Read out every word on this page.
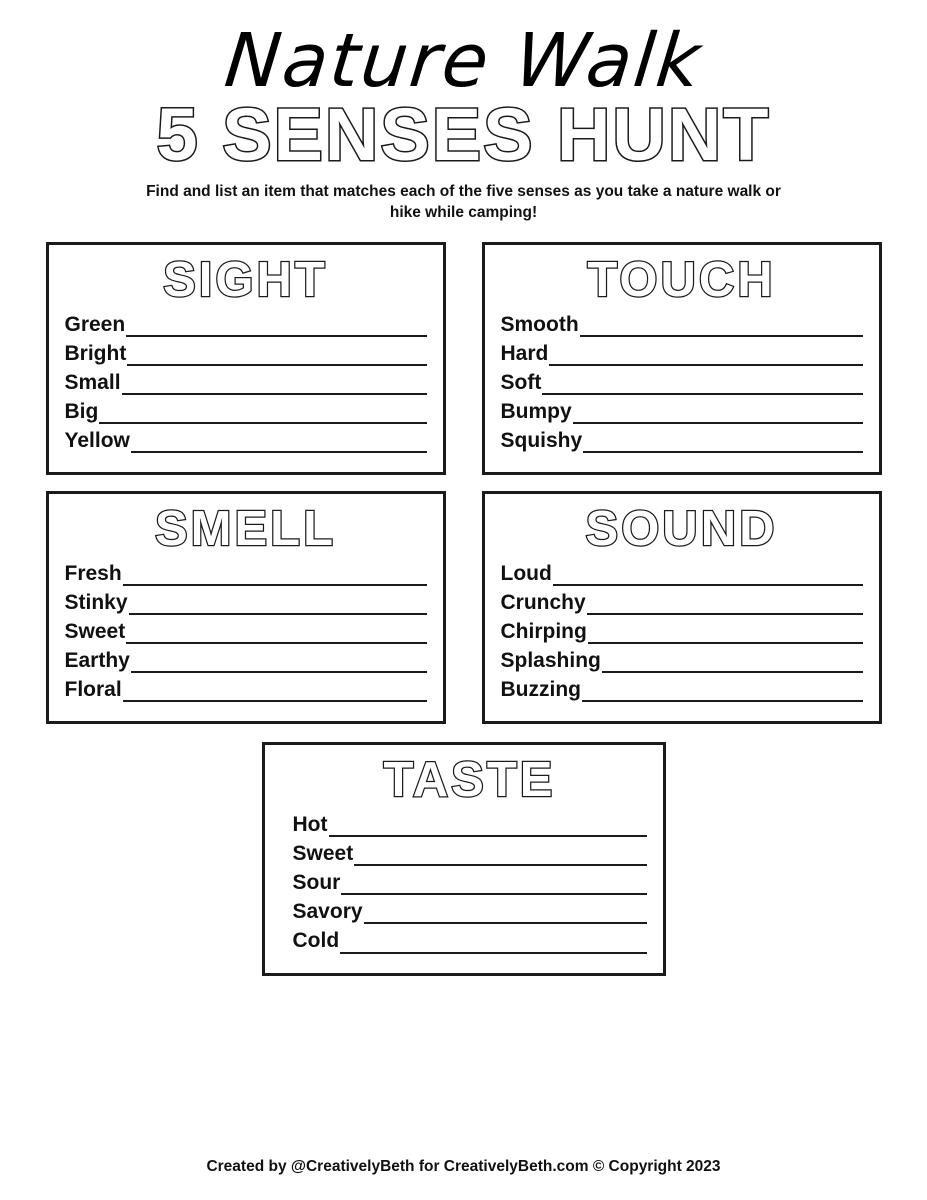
Nature Walk
5 SENSES HUNT
Find and list an item that matches each of the five senses as you take a nature walk or hike while camping!
SIGHT
Green
Bright
Small
Big
Yellow
TOUCH
Smooth
Hard
Soft
Bumpy
Squishy
SMELL
Fresh
Stinky
Sweet
Earthy
Floral
SOUND
Loud
Crunchy
Chirping
Splashing
Buzzing
TASTE
Hot
Sweet
Sour
Savory
Cold
Created by @CreativelyBeth for CreativelyBeth.com © Copyright 2023
